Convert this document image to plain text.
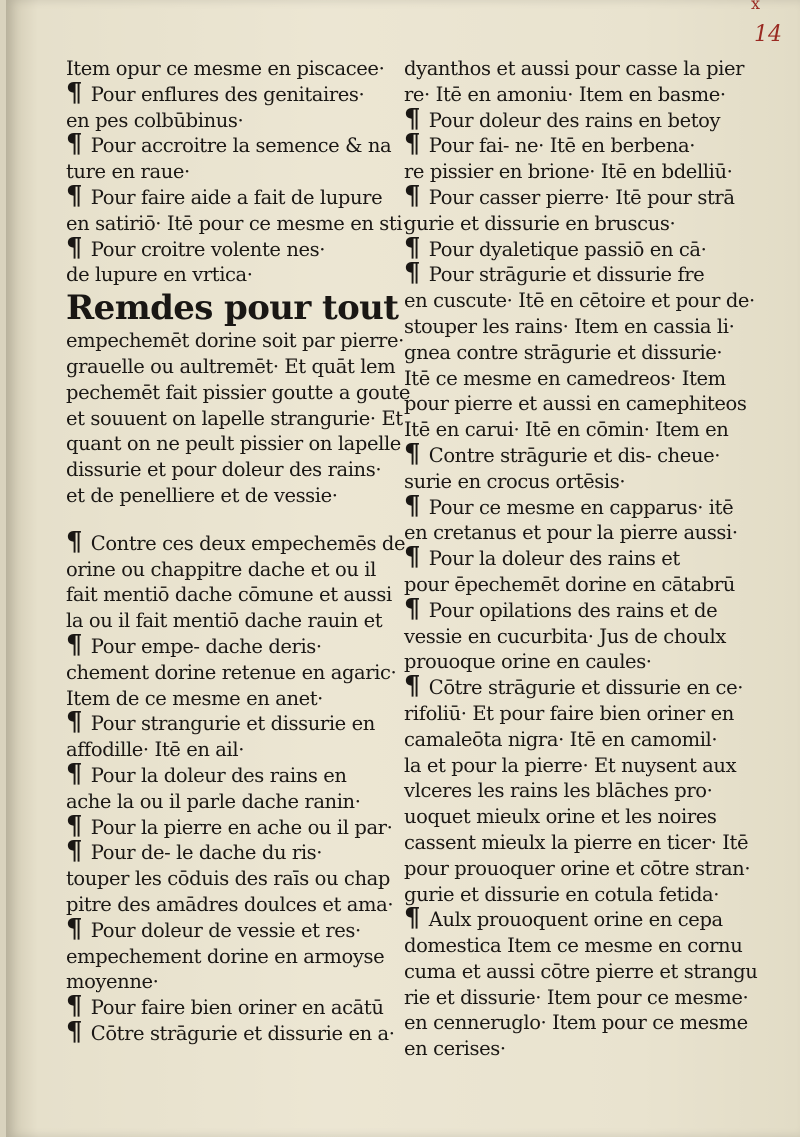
x
14
Item opur ce mesme en piscacee·
¶ Pour enflures des genitaires·
en pes colbūbinus·
¶ Pour accroitre la semence & na
ture en raue·
¶ Pour faire aide a fait de lupure
en satiriō· Itē pour ce mesme en sti·
¶ Pour croitre volente nes·
de lupure en vrtica·
Remdes pour tout
empechemēt dorine soit par pierre·
grauelle ou aultremēt· Et quāt lem
pechemēt fait pissier goutte a goute
et souuent on lapelle strangurie· Et
quant on ne peult pissier on lapelle
dissurie et pour doleur des rains·
et de penelliere et de vessie·
¶ Contre ces deux empechemēs de
orine ou chappitre dache et ou il
fait mentiō dache cōmune et aussi
la ou il fait mentiō dache rauin et
¶ Pour empe- dache deris·
chement dorine retenue en agaric·
Item de ce mesme en anet·
¶ Pour strangurie et dissurie en
affodille· Itē en ail·
¶ Pour la doleur des rains en
ache la ou il parle dache ranin·
¶ Pour la pierre en ache ou il par·
¶ Pour de- le dache du ris·
touper les cōduis des raīs ou chap
pitre des amādres doulces et ama·
¶ Pour doleur de vessie et res·
empechement dorine en armoyse
moyenne·
¶ Pour faire bien oriner en acātū
¶ Cōtre strāgurie et dissurie en a·
dyanthos et aussi pour casse la pier
re· Itē en amoniu· Item en basme·
¶ Pour doleur des rains en betoy
¶ Pour fai- ne· Itē en berbena·
re pissier en brione· Itē en bdelliū·
¶ Pour casser pierre· Itē pour strā
gurie et dissurie en bruscus·
¶ Pour dyaletique passiō en cā·
¶ Pour strāgurie et dissurie fre
en cuscute· Itē en cētoire et pour de·
stouper les rains· Item en cassia li·
gnea contre strāgurie et dissurie·
Itē ce mesme en camedreos· Item
pour pierre et aussi en camephiteos
Itē en carui· Itē en cōmin· Item en
¶ Contre strāgurie et dis- cheue·
surie en crocus ortēsis·
¶ Pour ce mesme en capparus· itē
en cretanus et pour la pierre aussi·
¶ Pour la doleur des rains et
pour ēpechemēt dorine en cātabrū
¶ Pour opilations des rains et de
vessie en cucurbita· Jus de choulx
prouoque orine en caules·
¶ Cōtre strāgurie et dissurie en ce·
rifoliū· Et pour faire bien oriner en
camaleōta nigra· Itē en camomil·
la et pour la pierre· Et nuysent aux
vlceres les rains les blāches pro·
uoquet mieulx orine et les noires
cassent mieulx la pierre en ticer· Itē
pour prouoquer orine et cōtre stran·
gurie et dissurie en cotula fetida·
¶ Aulx prouoquent orine en cepa
domestica Item ce mesme en cornu
cuma et aussi cōtre pierre et strangu
rie et dissurie· Item pour ce mesme·
en cenneruglo· Item pour ce mesme
en cerises·
